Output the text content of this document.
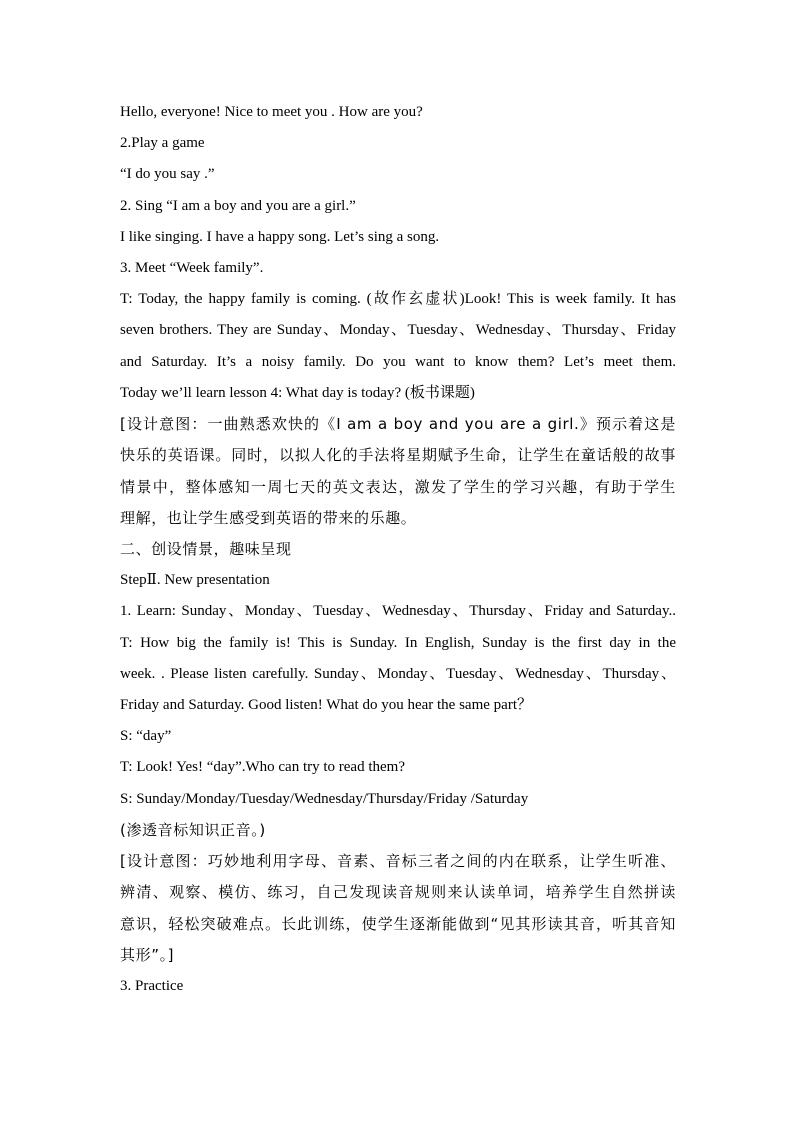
Hello, everyone! Nice to meet you . How are you?
2.Play a game
“I do you say .”
2. Sing “I am a boy and you are a girl.”
I like singing. I have a happy song. Let’s sing a song.
3. Meet “Week family”.
T: Today, the happy family is coming. (故作玄虚状)Look! This is week family. It has
seven brothers. They are Sunday、Monday、Tuesday、Wednesday、Thursday、Friday
and Saturday. It’s a noisy family. Do you want to know them? Let’s meet them.
Today we’ll learn lesson 4: What day is today? (板书课题)
[设计意图：一曲熟悉欢快的《I am a boy and you are a girl.》预示着这是
快乐的英语课。同时，以拟人化的手法将星期赋予生命，让学生在童话般的故事
情景中，整体感知一周七天的英文表达，激发了学生的学习兴趣，有助于学生
理解，也让学生感受到英语的带来的乐趣。
二、创设情景，趣味呈现
StepⅡ. New presentation
1. Learn: Sunday、Monday、Tuesday、Wednesday、Thursday、Friday and Saturday..
T: How big the family is! This is Sunday. In English, Sunday is the first day in the
week. . Please listen carefully. Sunday、Monday、Tuesday、Wednesday、Thursday、
Friday and Saturday. Good listen! What do you hear the same part？
S: “day”
T: Look! Yes! “day”.Who can try to read them?
S: Sunday/Monday/Tuesday/Wednesday/Thursday/Friday /Saturday
(渗透音标知识正音。)
[设计意图：巧妙地利用字母、音素、音标三者之间的内在联系，让学生听准、
辨清、观察、模仿、练习，自己发现读音规则来认读单词，培养学生自然拼读
意识，轻松突破难点。长此训练，使学生逐渐能做到“见其形读其音，听其音知
其形”。]
3. Practice
